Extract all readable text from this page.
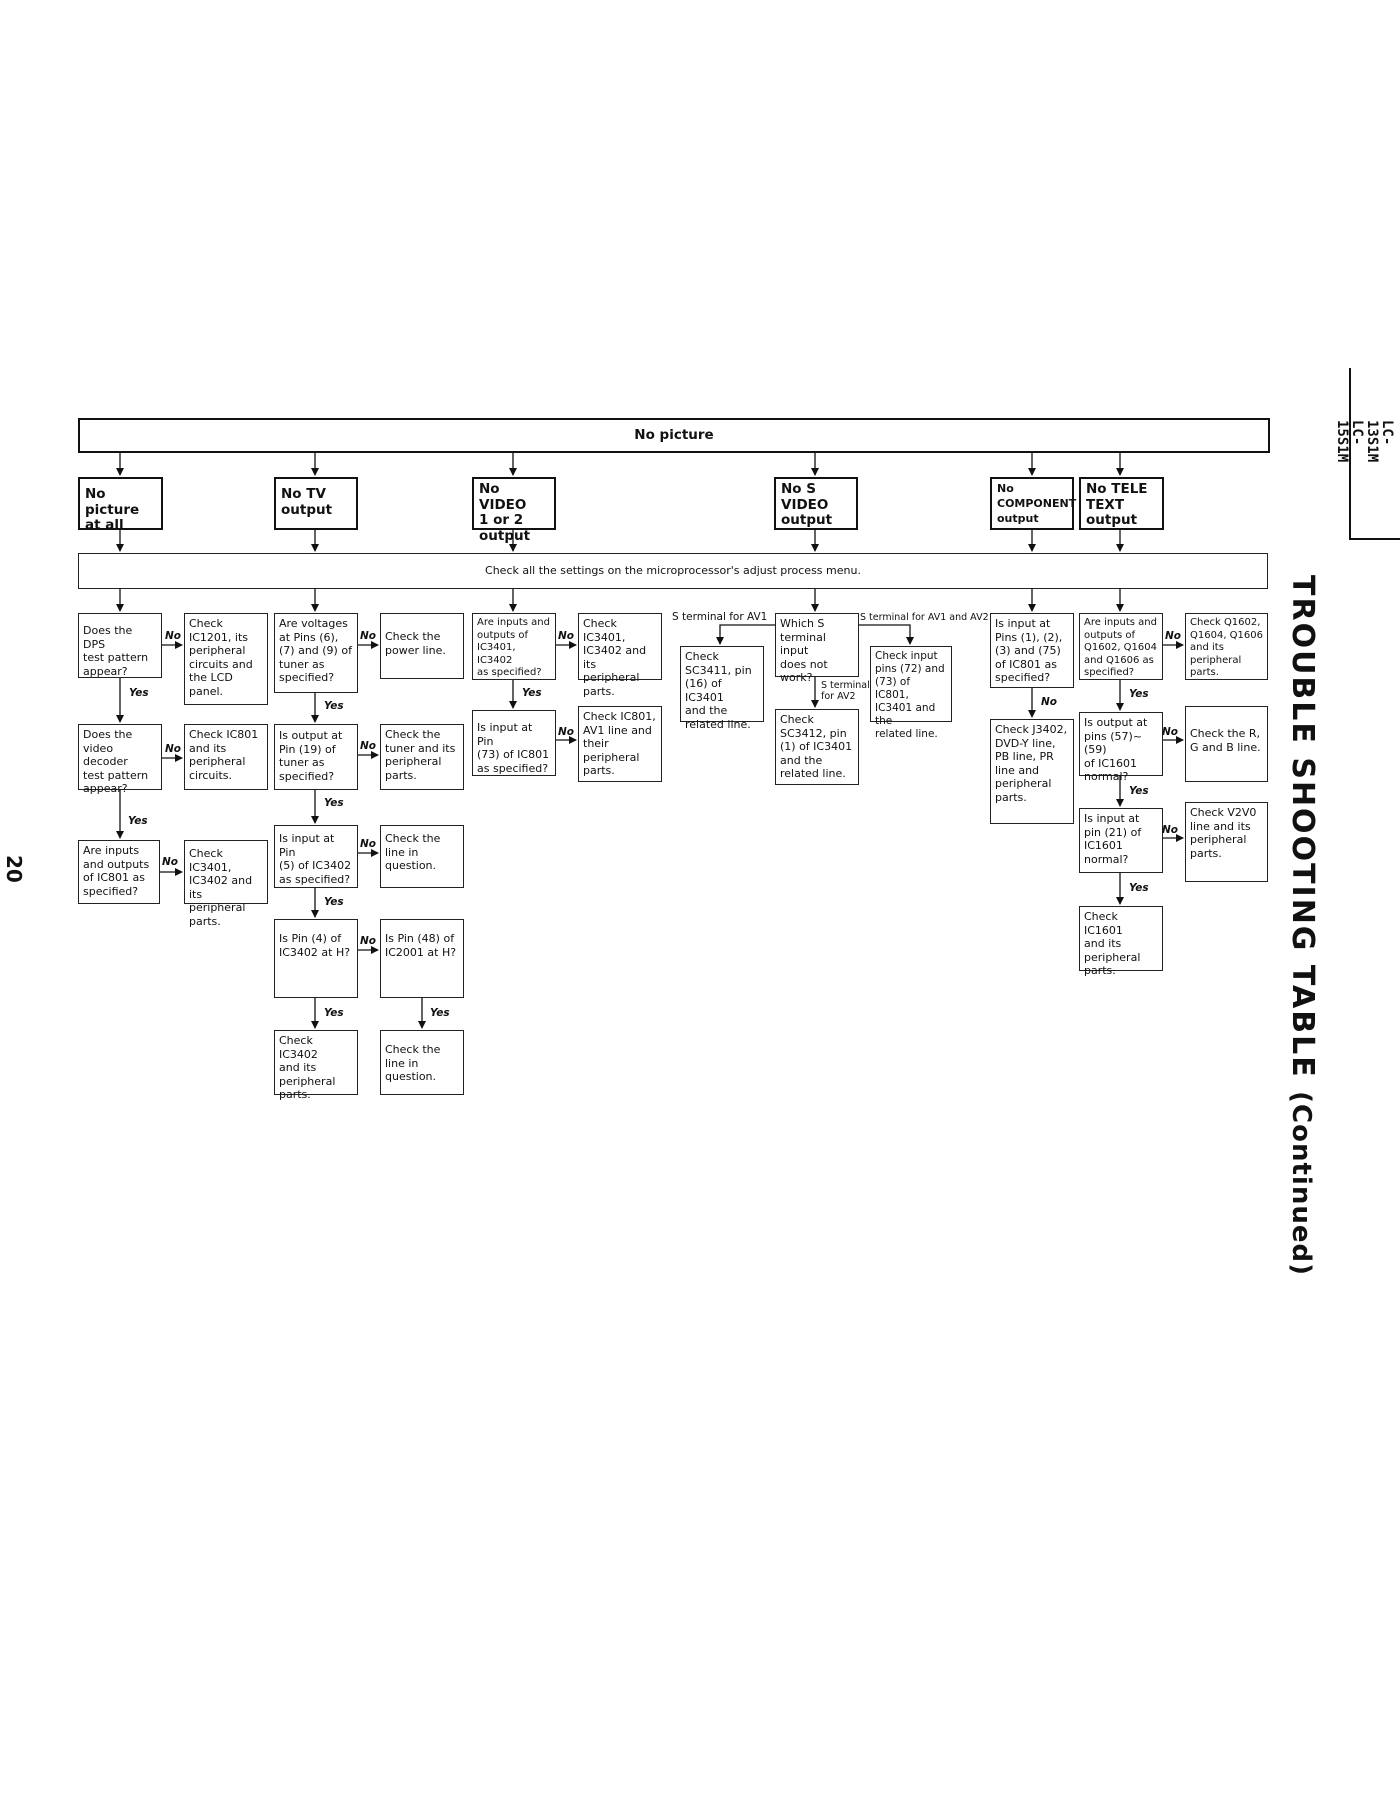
No picture
No picture
at all
No TV
output
No VIDEO
1 or 2
output
No S
VIDEO
output
No
COMPONENT
output
No TELE
TEXT
output
Check all the settings on the microprocessor's adjust process menu.
Does the DPS
test pattern
appear?
Check
IC1201, its
peripheral
circuits and
the LCD
panel.
Does the
video decoder
test pattern
appear?
Check IC801
and its
peripheral
circuits.
Are inputs
and outputs
of IC801 as
specified?
Check IC3401,
IC3402 and its
peripheral
parts.
Are voltages
at Pins (6),
(7) and (9) of
tuner as
specified?
Check the
power line.
Is output at
Pin (19) of
tuner as
specified?
Check the
tuner and its
peripheral
parts.
Is input at Pin
(5) of IC3402
as specified?
Check the
line in
question.
Is Pin (4) of
IC3402 at H?
Is Pin (48) of
IC2001 at H?
Check IC3402
and its
peripheral
parts.
Check the
line in
question.
Are inputs and
outputs of
IC3401, IC3402
as specified?
Check IC3401,
IC3402 and its
peripheral
parts.
Is input at Pin
(73) of IC801
as specified?
Check IC801,
AV1 line and
their
peripheral
parts.
S terminal for AV1	S terminal for AV1 and AV2
Which S
terminal input
does not
work?
Check
SC3411, pin
(16) of IC3401
and the
related line.
Check input
pins (72) and
(73) of IC801,
IC3401 and the
related line.
S terminal
for AV2
Check
SC3412, pin
(1) of IC3401
and the
related line.
Is input at
Pins (1), (2),
(3) and (75)
of IC801 as
specified?
Check J3402,
DVD-Y line,
PB line, PR
line and
peripheral
parts.
Are inputs and
outputs of
Q1602, Q1604
and Q1606 as
specified?
Check Q1602,
Q1604, Q1606
and its
peripheral
parts.
Is output at
pins (57)~(59)
of IC1601
normal?
Check the R,
G and B line.
Is input at
pin (21) of
IC1601
normal?
Check V2V0
line and its
peripheral
parts.
Check IC1601
and its
peripheral
parts.
No
Yes
No
Yes
No
No
Yes
No
Yes
No
Yes
No
Yes	Yes
No
Yes
No
No
No
Yes
No
Yes
No
Yes
20	TROUBLE SHOOTING TABLE (Continued)
LC-13S1M
LC-15S1M
